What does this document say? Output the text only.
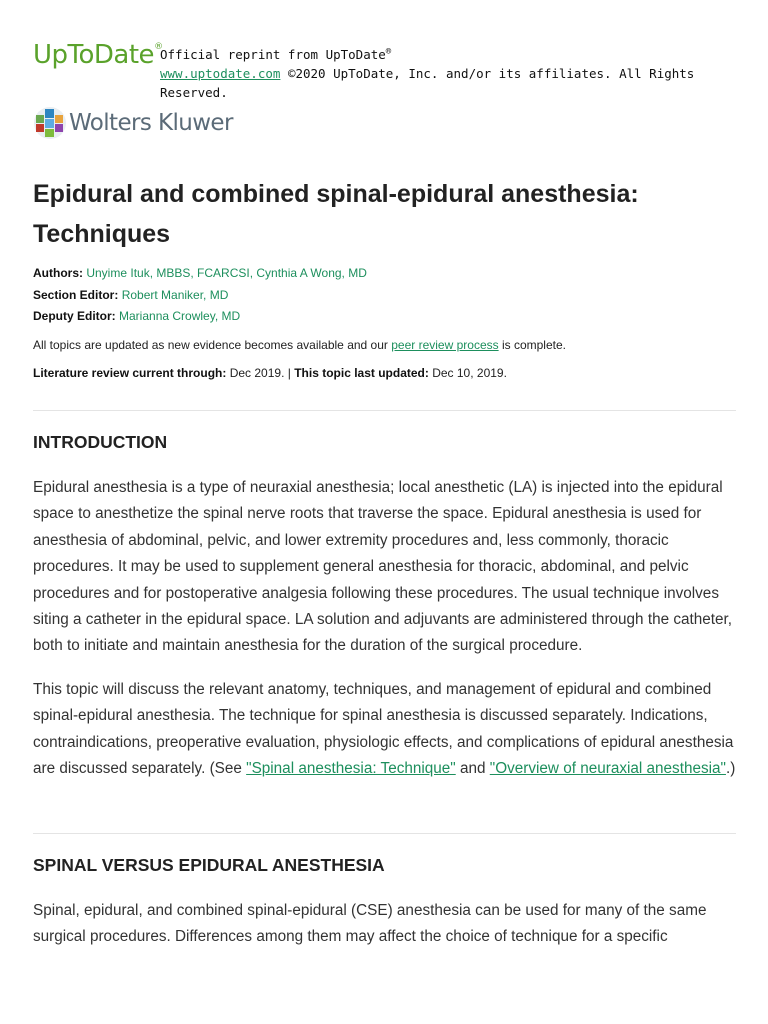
UpToDate®
Official reprint from UpToDate®
www.uptodate.com ©2020 UpToDate, Inc. and/or its affiliates. All Rights Reserved.
Wolters Kluwer
Epidural and combined spinal-epidural anesthesia: Techniques
Authors: Unyime Ituk, MBBS, FCARCSI, Cynthia A Wong, MD
Section Editor: Robert Maniker, MD
Deputy Editor: Marianna Crowley, MD
All topics are updated as new evidence becomes available and our peer review process is complete.
Literature review current through: Dec 2019. | This topic last updated: Dec 10, 2019.
INTRODUCTION

Epidural anesthesia is a type of neuraxial anesthesia; local anesthetic (LA) is injected into the epidural space to anesthetize the spinal nerve roots that traverse the space. Epidural anesthesia is used for anesthesia of abdominal, pelvic, and lower extremity procedures and, less commonly, thoracic procedures. It may be used to supplement general anesthesia for thoracic, abdominal, and pelvic procedures and for postoperative analgesia following these procedures. The usual technique involves siting a catheter in the epidural space. LA solution and adjuvants are administered through the catheter, both to initiate and maintain anesthesia for the duration of the surgical procedure.

This topic will discuss the relevant anatomy, techniques, and management of epidural and combined spinal-epidural anesthesia. The technique for spinal anesthesia is discussed separately. Indications, contraindications, preoperative evaluation, physiologic effects, and complications of epidural anesthesia are discussed separately. (See "Spinal anesthesia: Technique" and "Overview of neuraxial anesthesia".)

SPINAL VERSUS EPIDURAL ANESTHESIA

Spinal, epidural, and combined spinal-epidural (CSE) anesthesia can be used for many of the same surgical procedures. Differences among them may affect the choice of technique for a specific
